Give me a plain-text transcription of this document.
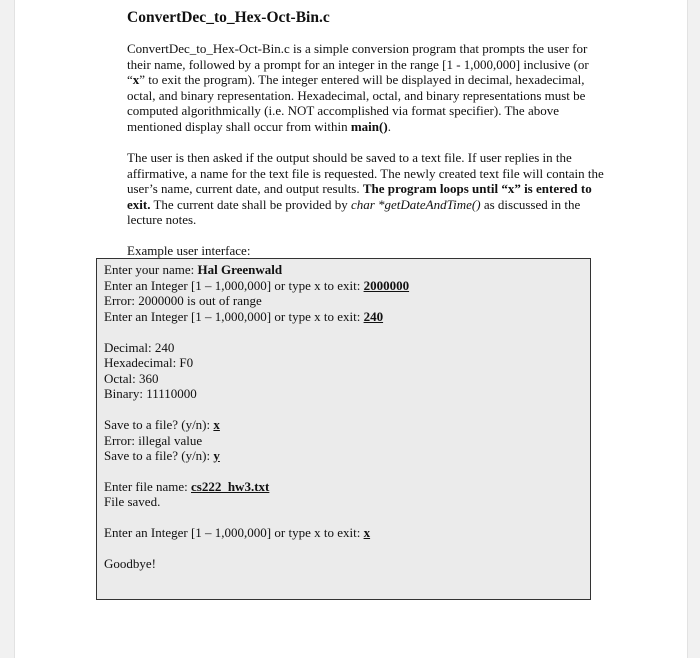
ConvertDec_to_Hex-Oct-Bin.c

ConvertDec_to_Hex-Oct-Bin.c is a simple conversion program that prompts the user for their name, followed by a prompt for an integer in the range [1 - 1,000,000] inclusive (or “x” to exit the program). The integer entered will be displayed in decimal, hexadecimal, octal, and binary representation. Hexadecimal, octal, and binary representations must be computed algorithmically (i.e. NOT accomplished via format specifier). The above mentioned display shall occur from within main().

The user is then asked if the output should be saved to a text file. If user replies in the affirmative, a name for the text file is requested. The newly created text file will contain the user’s name, current date, and output results. The program loops until “x” is entered to exit. The current date shall be provided by char *getDateAndTime() as discussed in the lecture notes.

Example user interface:
Enter your name: Hal Greenwald
Enter an Integer [1 – 1,000,000] or type x to exit: 2000000
Error: 2000000 is out of range
Enter an Integer [1 – 1,000,000] or type x to exit: 240
Decimal: 240
Hexadecimal: F0
Octal: 360
Binary: 11110000
Save to a file? (y/n): x
Error: illegal value
Save to a file? (y/n): y
Enter file name: cs222_hw3.txt
File saved.
Enter an Integer [1 – 1,000,000] or type x to exit: x
Goodbye!
